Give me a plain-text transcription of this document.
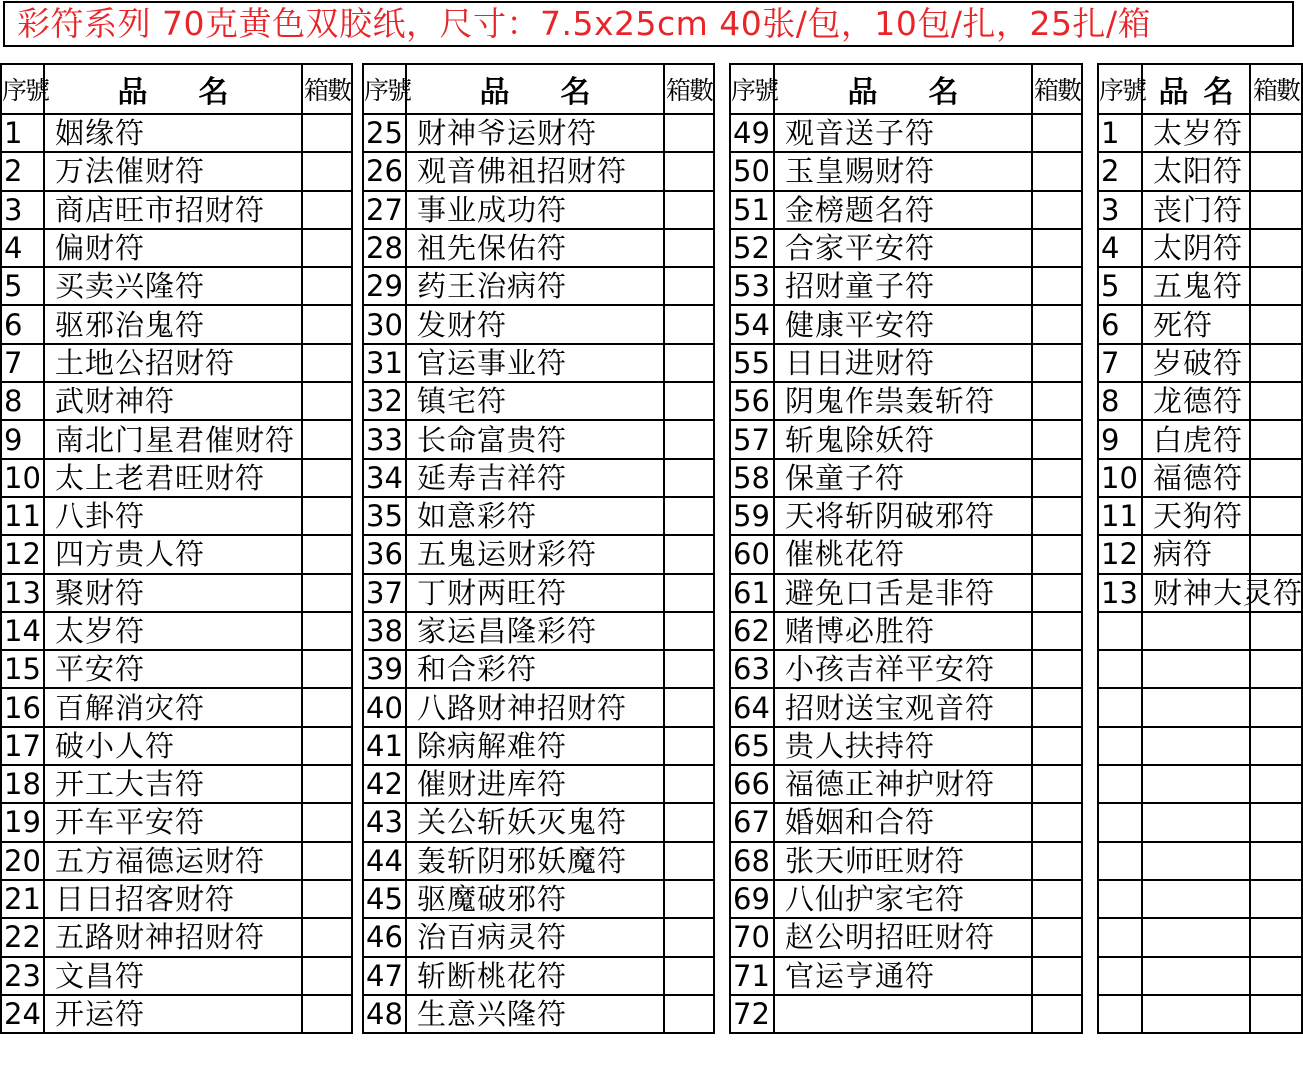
彩符系列 70克黄色双胶纸，尺寸：7.5x25cm 40张/包，10包/扎，25扎/箱
序號	品 名	箱數
1	姻缘符	
2	万法催财符	
3	商店旺市招财符	
4	偏财符	
5	买卖兴隆符	
6	驱邪治鬼符	
7	土地公招财符	
8	武财神符	
9	南北门星君催财符	
10	太上老君旺财符	
11	八卦符	
12	四方贵人符	
13	聚财符	
14	太岁符	
15	平安符	
16	百解消灾符	
17	破小人符	
18	开工大吉符	
19	开车平安符	
20	五方福德运财符	
21	日日招客财符	
22	五路财神招财符	
23	文昌符	
24	开运符	
序號	品 名	箱數
25	财神爷运财符	
26	观音佛祖招财符	
27	事业成功符	
28	祖先保佑符	
29	药王治病符	
30	发财符	
31	官运事业符	
32	镇宅符	
33	长命富贵符	
34	延寿吉祥符	
35	如意彩符	
36	五鬼运财彩符	
37	丁财两旺符	
38	家运昌隆彩符	
39	和合彩符	
40	八路财神招财符	
41	除病解难符	
42	催财进库符	
43	关公斩妖灭鬼符	
44	轰斩阴邪妖魔符	
45	驱魔破邪符	
46	治百病灵符	
47	斩断桃花符	
48	生意兴隆符	
序號	品 名	箱數
49	观音送子符	
50	玉皇赐财符	
51	金榜题名符	
52	合家平安符	
53	招财童子符	
54	健康平安符	
55	日日进财符	
56	阴鬼作祟轰斩符	
57	斩鬼除妖符	
58	保童子符	
59	天将斩阴破邪符	
60	催桃花符	
61	避免口舌是非符	
62	赌博必胜符	
63	小孩吉祥平安符	
64	招财送宝观音符	
65	贵人扶持符	
66	福德正神护财符	
67	婚姻和合符	
68	张天师旺财符	
69	八仙护家宅符	
70	赵公明招旺财符	
71	官运亨通符	
72		
序號	品 名	箱數
1	太岁符	
2	太阳符	
3	丧门符	
4	太阴符	
5	五鬼符	
6	死符	
7	岁破符	
8	龙德符	
9	白虎符	
10	福德符	
11	天狗符	
12	病符	
13	财神大灵符	
